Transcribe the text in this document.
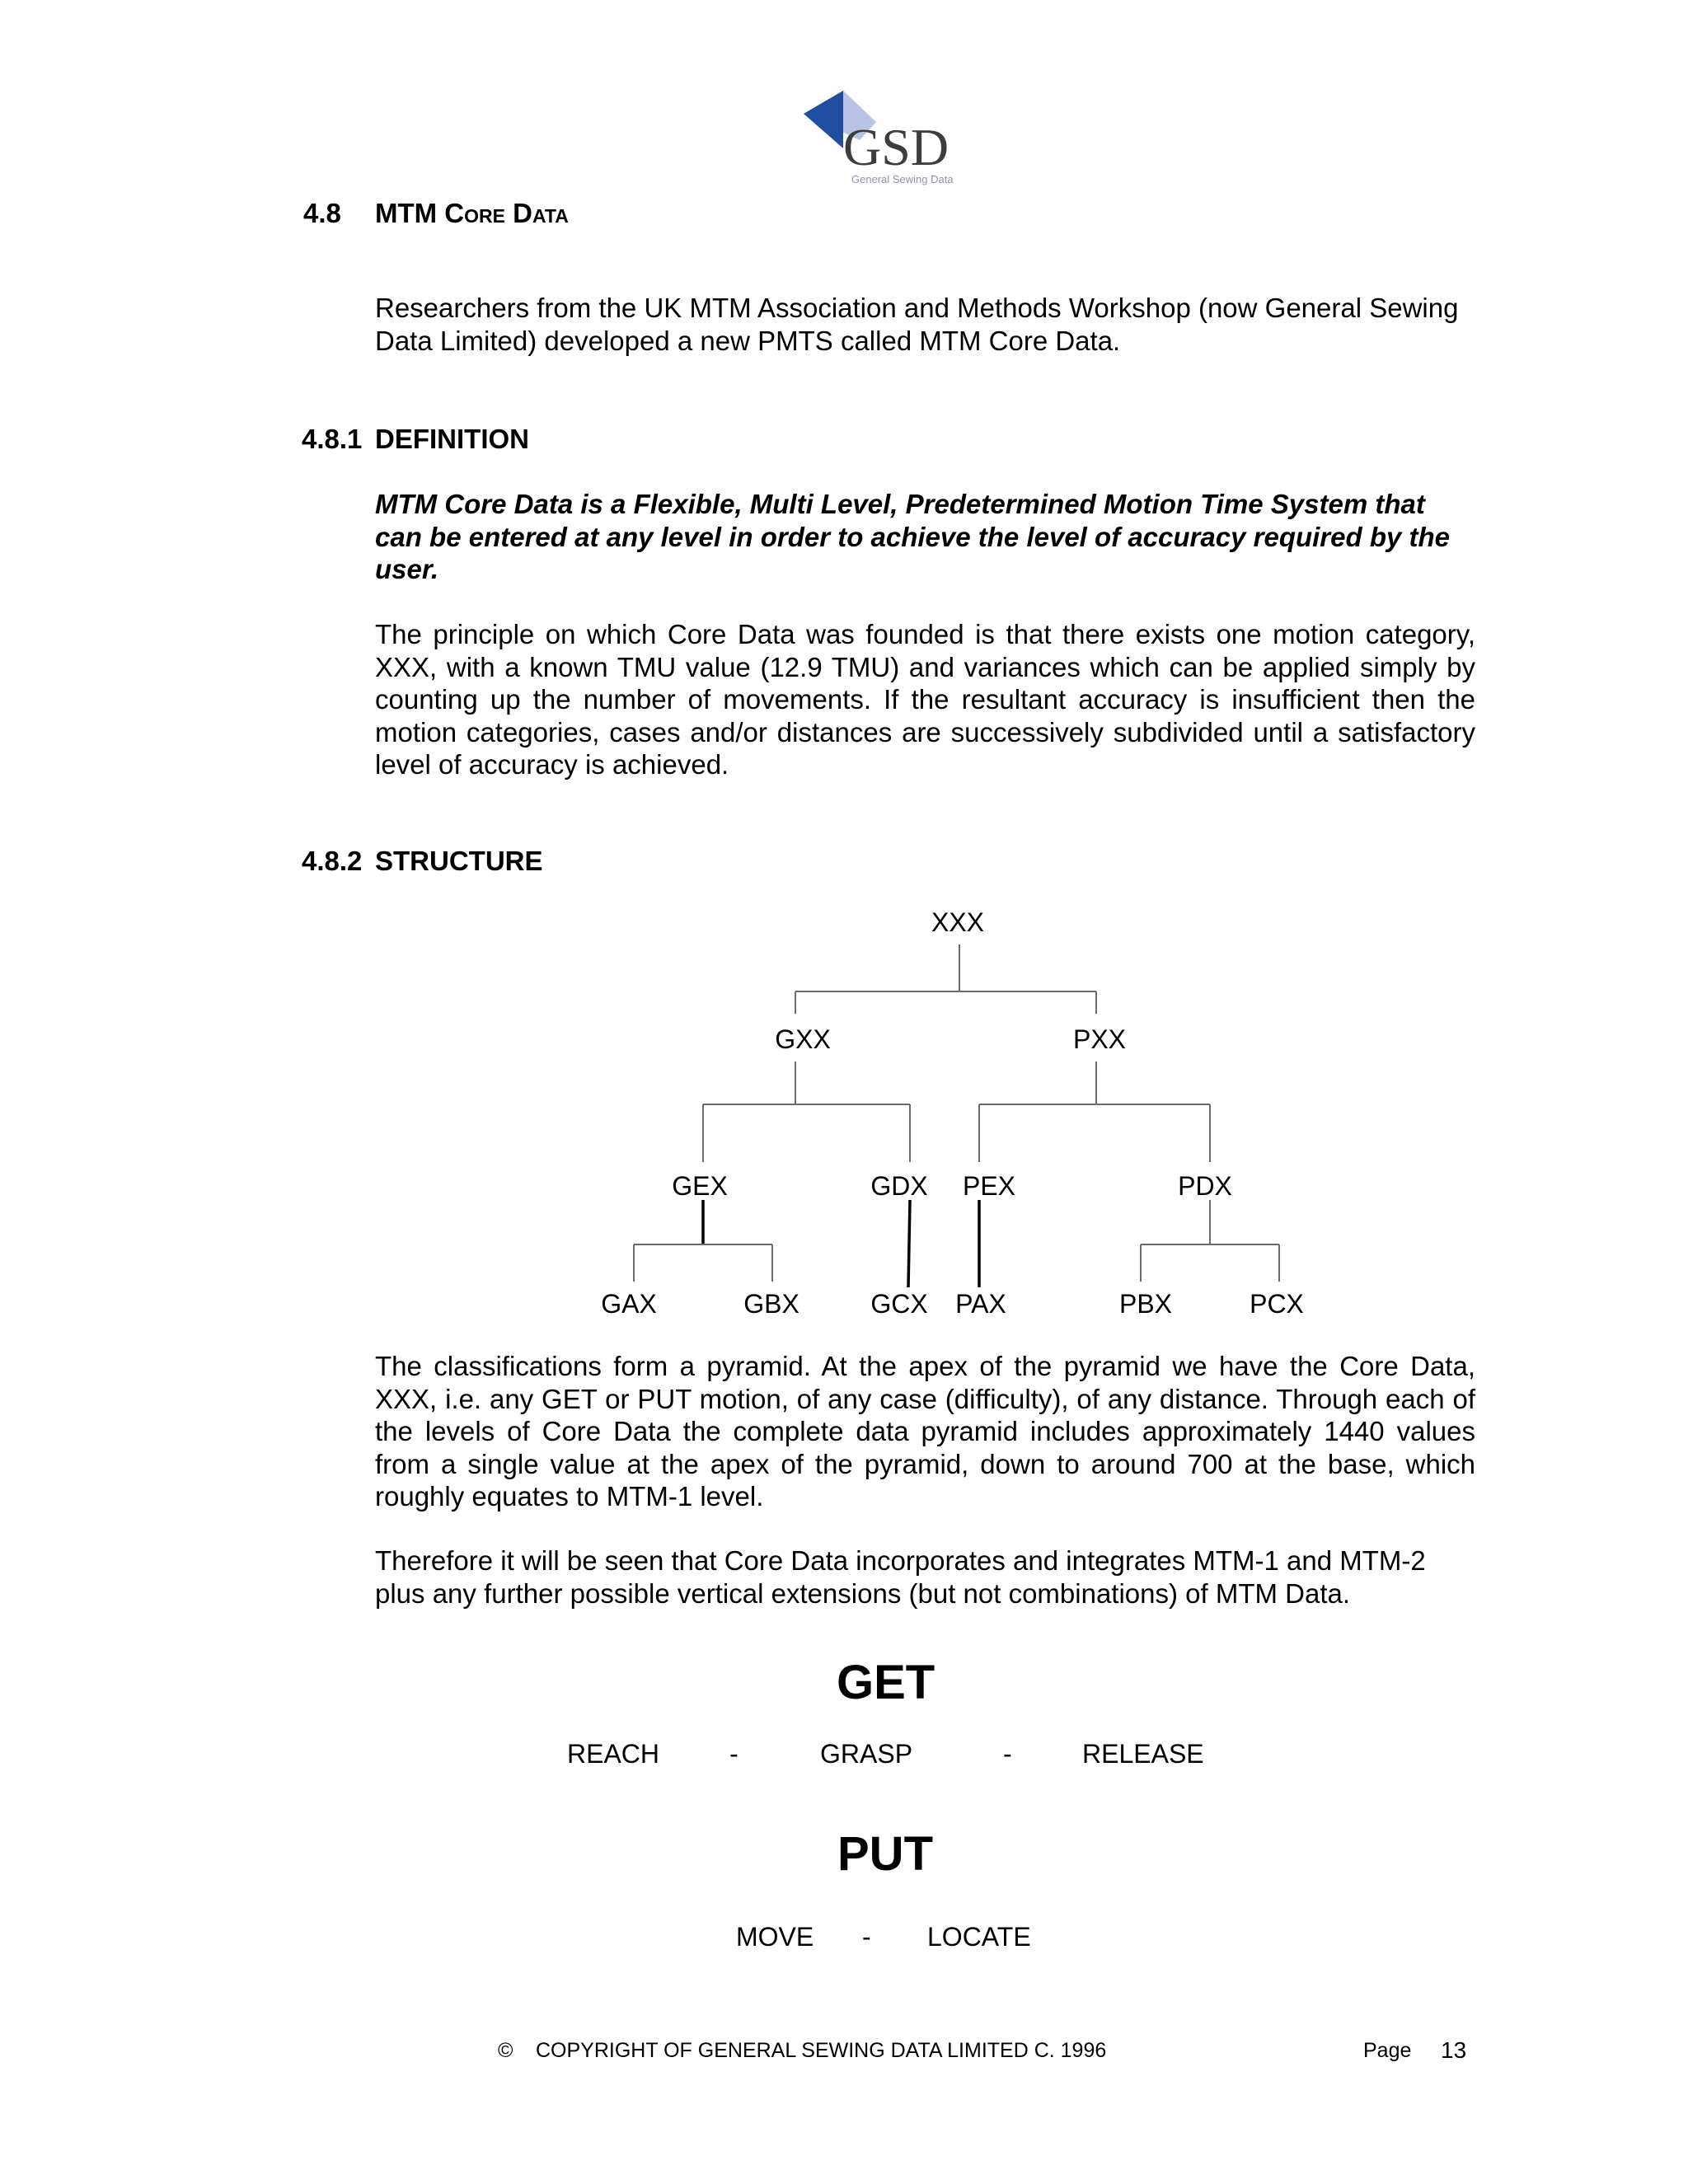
GSD
General Sewing Data
4.8 MTM Core Data
Researchers from the UK MTM Association and Methods Workshop (now General Sewing Data Limited) developed a new PMTS called MTM Core Data.
4.8.1 DEFINITION
MTM Core Data is a Flexible, Multi Level, Predetermined Motion Time System that can be entered at any level in order to achieve the level of accuracy required by the user.
The principle on which Core Data was founded is that there exists one motion category, XXX, with a known TMU value (12.9 TMU) and variances which can be applied simply by counting up the number of movements. If the resultant accuracy is insufficient then the motion categories, cases and/or distances are successively subdivided until a satisfactory level of accuracy is achieved.
4.8.2 STRUCTURE
XXX
GXX	PXX
GEX	GDX PEX	PDX
GAX	GBX	GCX PAX	PBX	PCX
The classifications form a pyramid. At the apex of the pyramid we have the Core Data, XXX, i.e. any GET or PUT motion, of any case (difficulty), of any distance. Through each of the levels of Core Data the complete data pyramid includes approximately 1440 values from a single value at the apex of the pyramid, down to around 700 at the base, which roughly equates to MTM-1 level.
Therefore it will be seen that Core Data incorporates and integrates MTM-1 and MTM-2 plus any further possible vertical extensions (but not combinations) of MTM Data.
GET
REACH	-	GRASP	-	RELEASE
PUT
MOVE - LOCATE
© COPYRIGHT OF GENERAL SEWING DATA LIMITED C. 1996	Page 13
